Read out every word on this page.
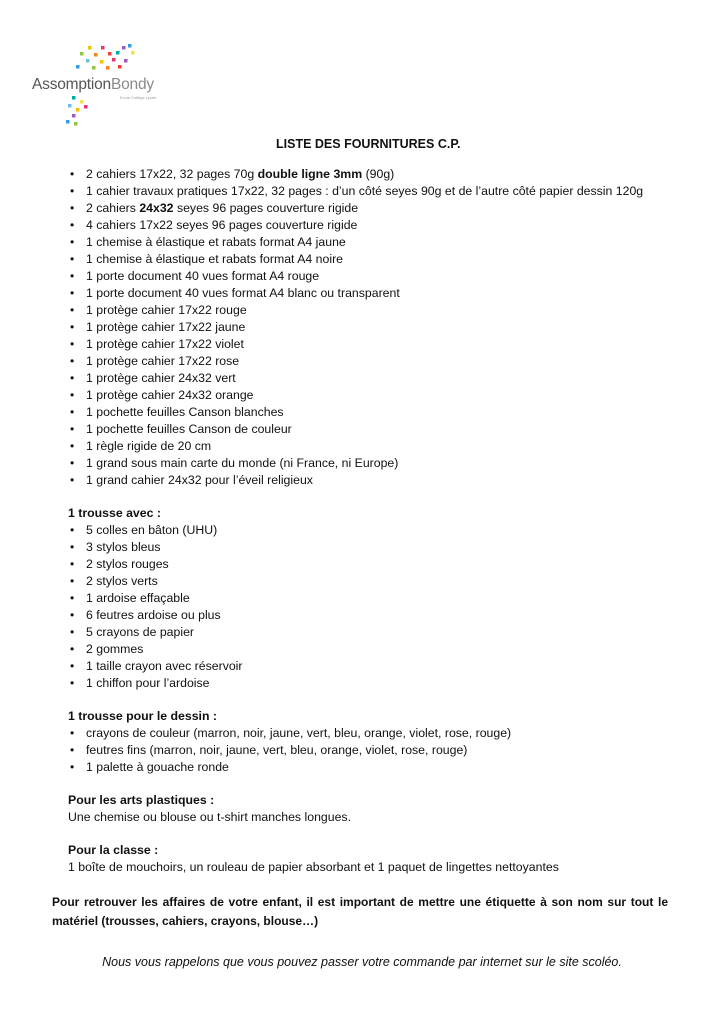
AssomptionBondy
Ecole Collège Lycée
LISTE DES FOURNITURES C.P.
• 2 cahiers 17x22, 32 pages 70g double ligne 3mm (90g)
• 1 cahier travaux pratiques 17x22, 32 pages : d’un côté seyes 90g et de l’autre côté papier dessin 120g
• 2 cahiers 24x32 seyes 96 pages couverture rigide
• 4 cahiers 17x22 seyes 96 pages couverture rigide
• 1 chemise à élastique et rabats format A4 jaune
• 1 chemise à élastique et rabats format A4 noire
• 1 porte document 40 vues format A4 rouge
• 1 porte document 40 vues format A4 blanc ou transparent
• 1 protège cahier 17x22 rouge
• 1 protège cahier 17x22 jaune
• 1 protège cahier 17x22 violet
• 1 protège cahier 17x22 rose
• 1 protège cahier 24x32 vert
• 1 protège cahier 24x32 orange
• 1 pochette feuilles Canson blanches
• 1 pochette feuilles Canson de couleur
• 1 règle rigide de 20 cm
• 1 grand sous main carte du monde (ni France, ni Europe)
• 1 grand cahier 24x32 pour l’éveil religieux
1 trousse avec :
• 5 colles en bâton (UHU)
• 3 stylos bleus
• 2 stylos rouges
• 2 stylos verts
• 1 ardoise effaçable
• 6 feutres ardoise ou plus
• 5 crayons de papier
• 2 gommes
• 1 taille crayon avec réservoir
• 1 chiffon pour l’ardoise
1 trousse pour le dessin :
• crayons de couleur (marron, noir, jaune, vert, bleu, orange, violet, rose, rouge)
• feutres fins (marron, noir, jaune, vert, bleu, orange, violet, rose, rouge)
• 1 palette à gouache ronde
Pour les arts plastiques :
Une chemise ou blouse ou t-shirt manches longues.
Pour la classe :
1 boîte de mouchoirs, un rouleau de papier absorbant et 1 paquet de lingettes nettoyantes
Pour retrouver les affaires de votre enfant, il est important de mettre une étiquette à son nom sur tout le matériel (trousses, cahiers, crayons, blouse…)
Nous vous rappelons que vous pouvez passer votre commande par internet sur le site scoléo.
